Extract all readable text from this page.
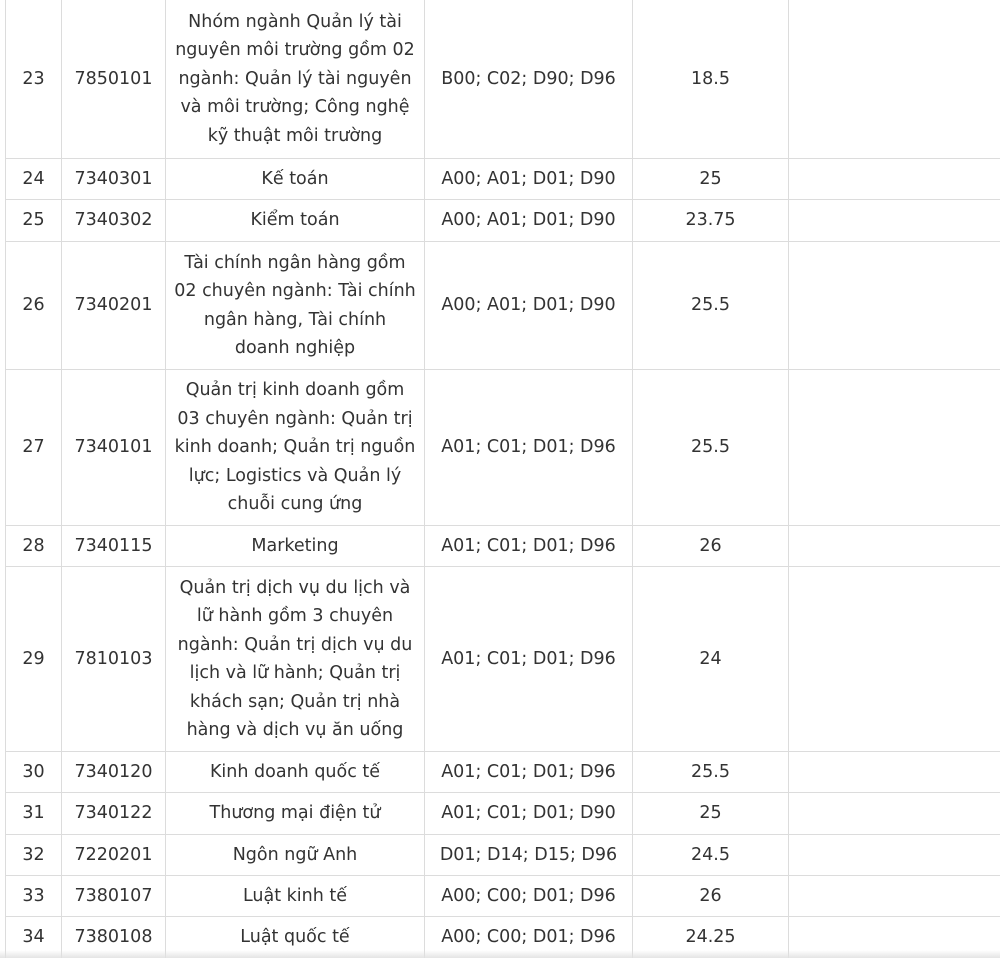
23	7850101	Nhóm ngành Quản lý tài nguyên môi trường gồm 02 ngành: Quản lý tài nguyên và môi trường; Công nghệ kỹ thuật môi trường	B00; C02; D90; D96	18.5	
24	7340301	Kế toán	A00; A01; D01; D90	25	
25	7340302	Kiểm toán	A00; A01; D01; D90	23.75	
26	7340201	Tài chính ngân hàng gồm 02 chuyên ngành: Tài chính ngân hàng, Tài chính doanh nghiệp	A00; A01; D01; D90	25.5	
27	7340101	Quản trị kinh doanh gồm 03 chuyên ngành: Quản trị kinh doanh; Quản trị nguồn lực; Logistics và Quản lý chuỗi cung ứng	A01; C01; D01; D96	25.5	
28	7340115	Marketing	A01; C01; D01; D96	26	
29	7810103	Quản trị dịch vụ du lịch và lữ hành gồm 3 chuyên ngành: Quản trị dịch vụ du lịch và lữ hành; Quản trị khách sạn; Quản trị nhà hàng và dịch vụ ăn uống	A01; C01; D01; D96	24	
30	7340120	Kinh doanh quốc tế	A01; C01; D01; D96	25.5	
31	7340122	Thương mại điện tử	A01; C01; D01; D90	25	
32	7220201	Ngôn ngữ Anh	D01; D14; D15; D96	24.5	
33	7380107	Luật kinh tế	A00; C00; D01; D96	26	
34	7380108	Luật quốc tế	A00; C00; D01; D96	24.25	
